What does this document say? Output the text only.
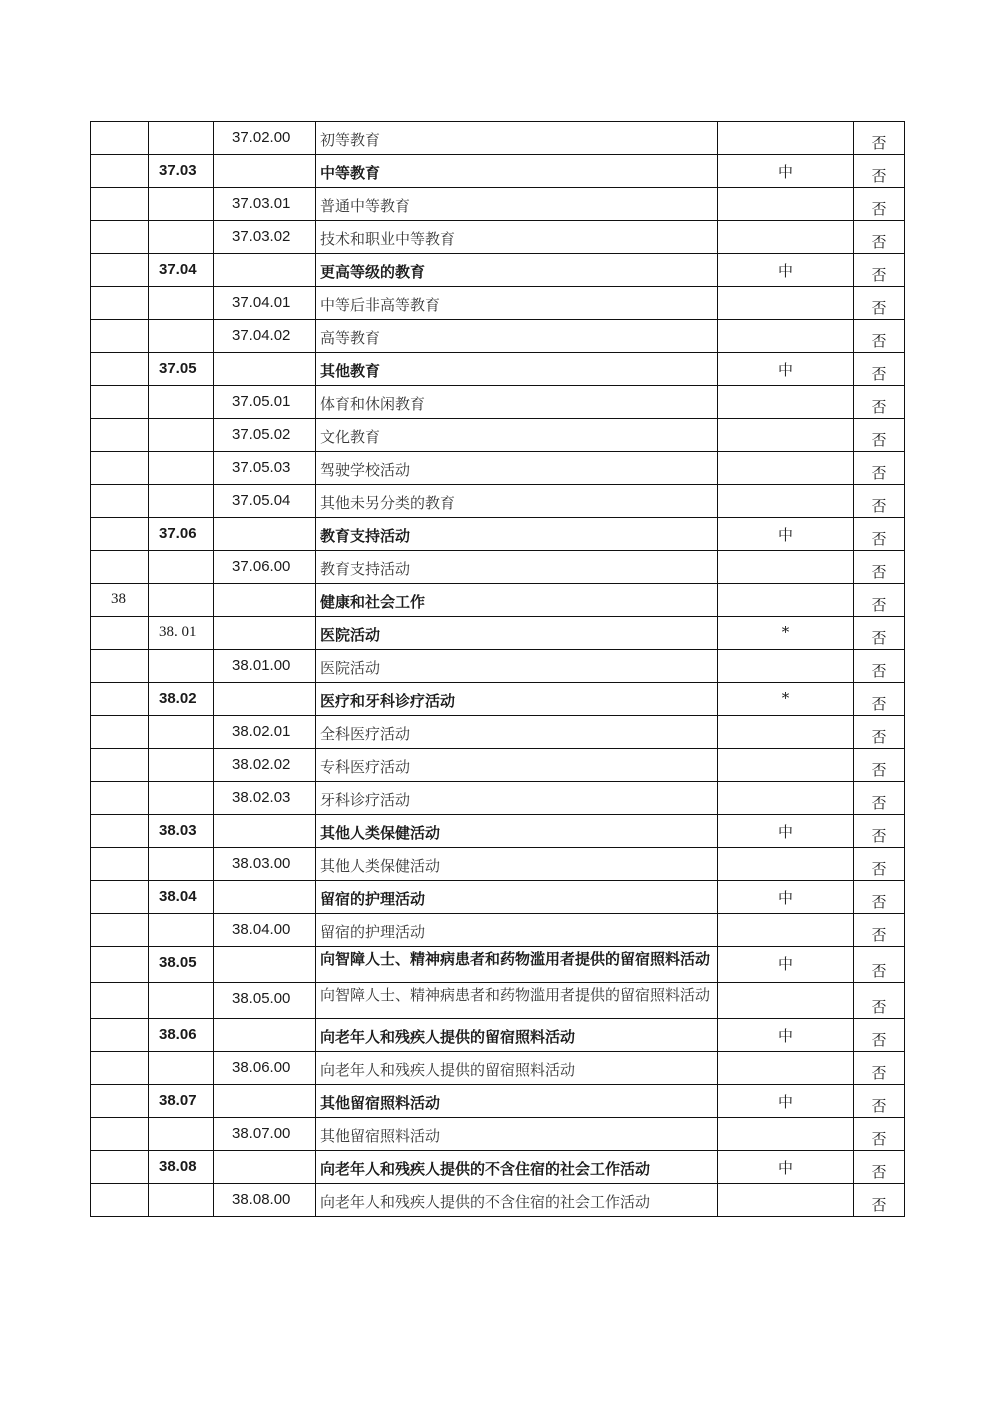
		37.02.00	初等教育		否
	37.03		中等教育	中	否
		37.03.01	普通中等教育		否
		37.03.02	技术和职业中等教育		否
	37.04		更高等级的教育	中	否
		37.04.01	中等后非高等教育		否
		37.04.02	高等教育		否
	37.05		其他教育	中	否
		37.05.01	体育和休闲教育		否
		37.05.02	文化教育		否
		37.05.03	驾驶学校活动		否
		37.05.04	其他未另分类的教育		否
	37.06		教育支持活动	中	否
		37.06.00	教育支持活动		否
38			健康和社会工作		否
	38. 01		医院活动	*	否
		38.01.00	医院活动		否
	38.02		医疗和牙科诊疗活动	*	否
		38.02.01	全科医疗活动		否
		38.02.02	专科医疗活动		否
		38.02.03	牙科诊疗活动		否
	38.03		其他人类保健活动	中	否
		38.03.00	其他人类保健活动		否
	38.04		留宿的护理活动	中	否
		38.04.00	留宿的护理活动		否
	38.05		向智障人士、精神病患者和药物滥用者提供的留宿照料活动	中	否
		38.05.00	向智障人士、精神病患者和药物滥用者提供的留宿照料活动		否
	38.06		向老年人和残疾人提供的留宿照料活动	中	否
		38.06.00	向老年人和残疾人提供的留宿照料活动		否
	38.07		其他留宿照料活动	中	否
		38.07.00	其他留宿照料活动		否
	38.08		向老年人和残疾人提供的不含住宿的社会工作活动	中	否
		38.08.00	向老年人和残疾人提供的不含住宿的社会工作活动		否
